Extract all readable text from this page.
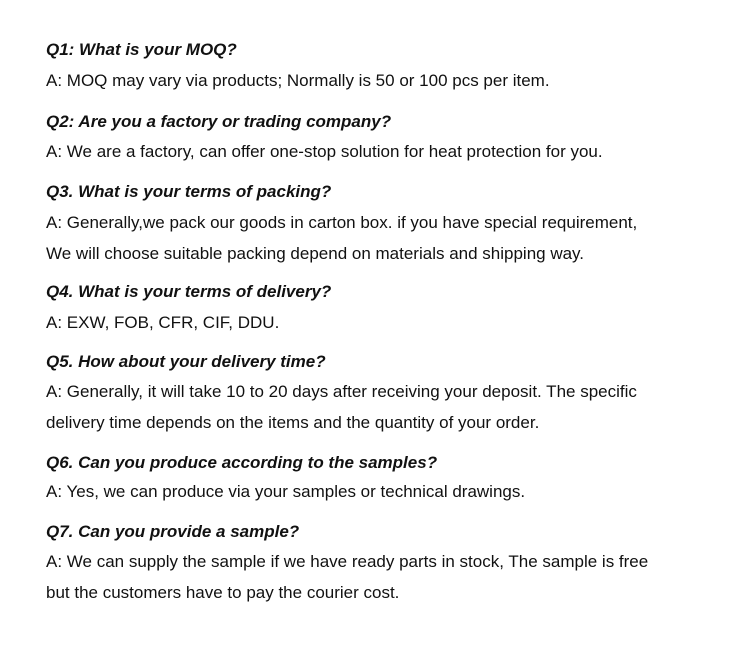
Q1: What is your MOQ?
A: MOQ may vary via products; Normally is 50 or 100 pcs per item.
Q2: Are you a factory or trading company?
A: We are a factory, can offer one-stop solution for heat protection for you.
Q3. What is your terms of packing?
A: Generally,we pack our goods in carton box. if you have special requirement,
We will choose suitable packing depend on materials and shipping way.
Q4. What is your terms of delivery?
A: EXW, FOB, CFR, CIF, DDU.
Q5. How about your delivery time?
A: Generally, it will take 10 to 20 days after receiving your deposit. The specific
delivery time depends on the items and the quantity of your order.
Q6. Can you produce according to the samples?
A: Yes, we can produce via your samples or technical drawings.
Q7. Can you provide a sample?
A: We can supply the sample if we have ready parts in stock, The sample is free
but the customers have to pay the courier cost.
